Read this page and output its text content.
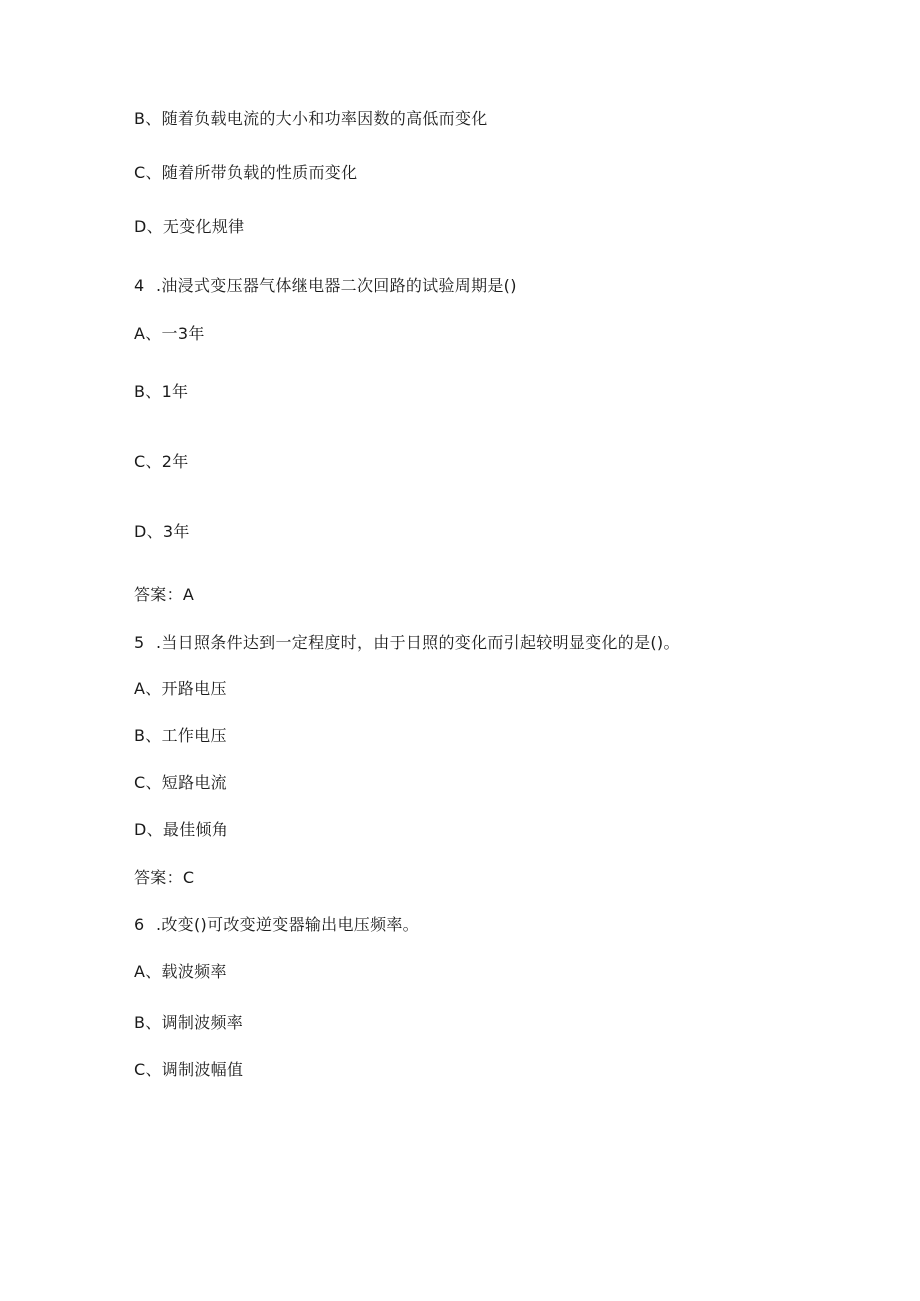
B、随着负载电流的大小和功率因数的高低而变化
C、随着所带负载的性质而变化
D、无变化规律
4 .油浸式变压器气体继电器二次回路的试验周期是()
A、一3年
B、1年
C、2年
D、3年
答案：A
5 .当日照条件达到一定程度时，由于日照的变化而引起较明显变化的是()。
A、开路电压
B、工作电压
C、短路电流
D、最佳倾角
答案：C
6 .改变()可改变逆变器输出电压频率。
A、载波频率
B、调制波频率
C、调制波幅值
